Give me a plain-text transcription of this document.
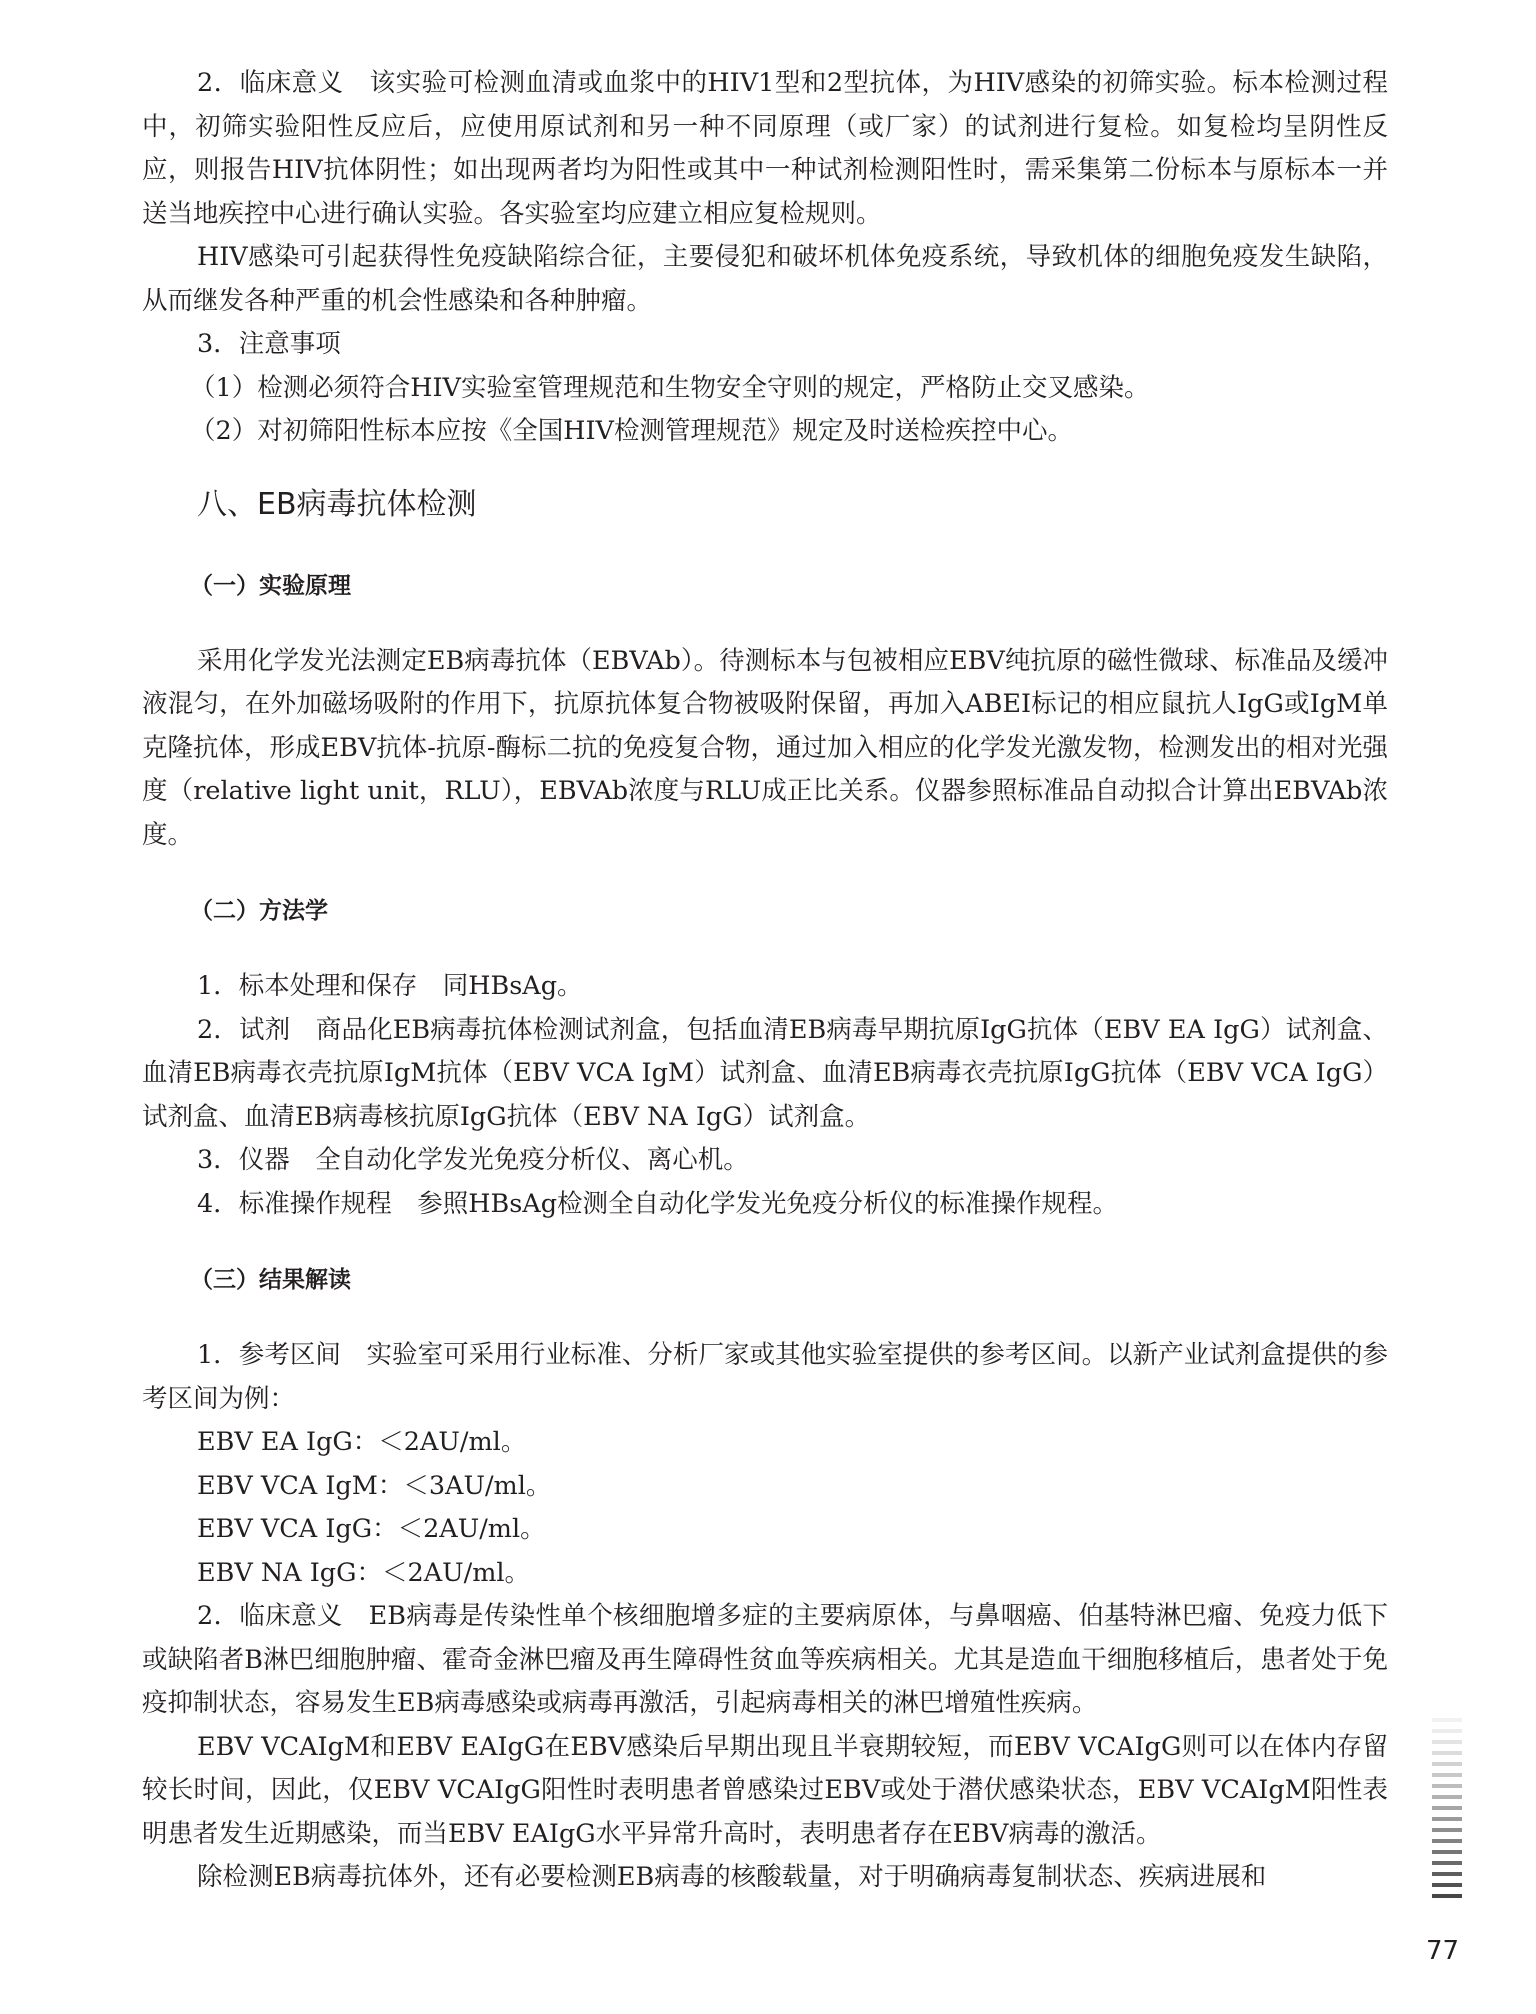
2．临床意义　该实验可检测血清或血浆中的HIV1型和2型抗体，为HIV感染的初筛实验。标本检测过程中，初筛实验阳性反应后，应使用原试剂和另一种不同原理（或厂家）的试剂进行复检。如复检均呈阴性反应，则报告HIV抗体阴性；如出现两者均为阳性或其中一种试剂检测阳性时，需采集第二份标本与原标本一并送当地疾控中心进行确认实验。各实验室均应建立相应复检规则。

HIV感染可引起获得性免疫缺陷综合征，主要侵犯和破坏机体免疫系统，导致机体的细胞免疫发生缺陷，从而继发各种严重的机会性感染和各种肿瘤。

3．注意事项

（1）检测必须符合HIV实验室管理规范和生物安全守则的规定，严格防止交叉感染。

（2）对初筛阳性标本应按《全国HIV检测管理规范》规定及时送检疾控中心。

八、EB病毒抗体检测
（一）实验原理

采用化学发光法测定EB病毒抗体（EBVAb）。待测标本与包被相应EBV纯抗原的磁性微球、标准品及缓冲液混匀，在外加磁场吸附的作用下，抗原抗体复合物被吸附保留，再加入ABEI标记的相应鼠抗人IgG或IgM单克隆抗体，形成EBV抗体-抗原-酶标二抗的免疫复合物，通过加入相应的化学发光激发物，检测发出的相对光强度（relative light unit，RLU），EBVAb浓度与RLU成正比关系。仪器参照标准品自动拟合计算出EBVAb浓度。

（二）方法学

1．标本处理和保存　同HBsAg。

2．试剂　商品化EB病毒抗体检测试剂盒，包括血清EB病毒早期抗原IgG抗体（EBV EA IgG）试剂盒、血清EB病毒衣壳抗原IgM抗体（EBV VCA IgM）试剂盒、血清EB病毒衣壳抗原IgG抗体（EBV VCA IgG）试剂盒、血清EB病毒核抗原IgG抗体（EBV NA IgG）试剂盒。

3．仪器　全自动化学发光免疫分析仪、离心机。

4．标准操作规程　参照HBsAg检测全自动化学发光免疫分析仪的标准操作规程。

（三）结果解读

1．参考区间　实验室可采用行业标准、分析厂家或其他实验室提供的参考区间。以新产业试剂盒提供的参考区间为例：

EBV EA IgG：＜2AU/ml。

EBV VCA IgM：＜3AU/ml。

EBV VCA IgG：＜2AU/ml。

EBV NA IgG：＜2AU/ml。

2．临床意义　EB病毒是传染性单个核细胞增多症的主要病原体，与鼻咽癌、伯基特淋巴瘤、免疫力低下或缺陷者B淋巴细胞肿瘤、霍奇金淋巴瘤及再生障碍性贫血等疾病相关。尤其是造血干细胞移植后，患者处于免疫抑制状态，容易发生EB病毒感染或病毒再激活，引起病毒相关的淋巴增殖性疾病。

EBV VCAIgM和EBV EAIgG在EBV感染后早期出现且半衰期较短，而EBV VCAIgG则可以在体内存留较长时间，因此，仅EBV VCAIgG阳性时表明患者曾感染过EBV或处于潜伏感染状态，EBV VCAIgM阳性表明患者发生近期感染，而当EBV EAIgG水平异常升高时，表明患者存在EBV病毒的激活。

除检测EB病毒抗体外，还有必要检测EB病毒的核酸载量，对于明确病毒复制状态、疾病进展和

77
